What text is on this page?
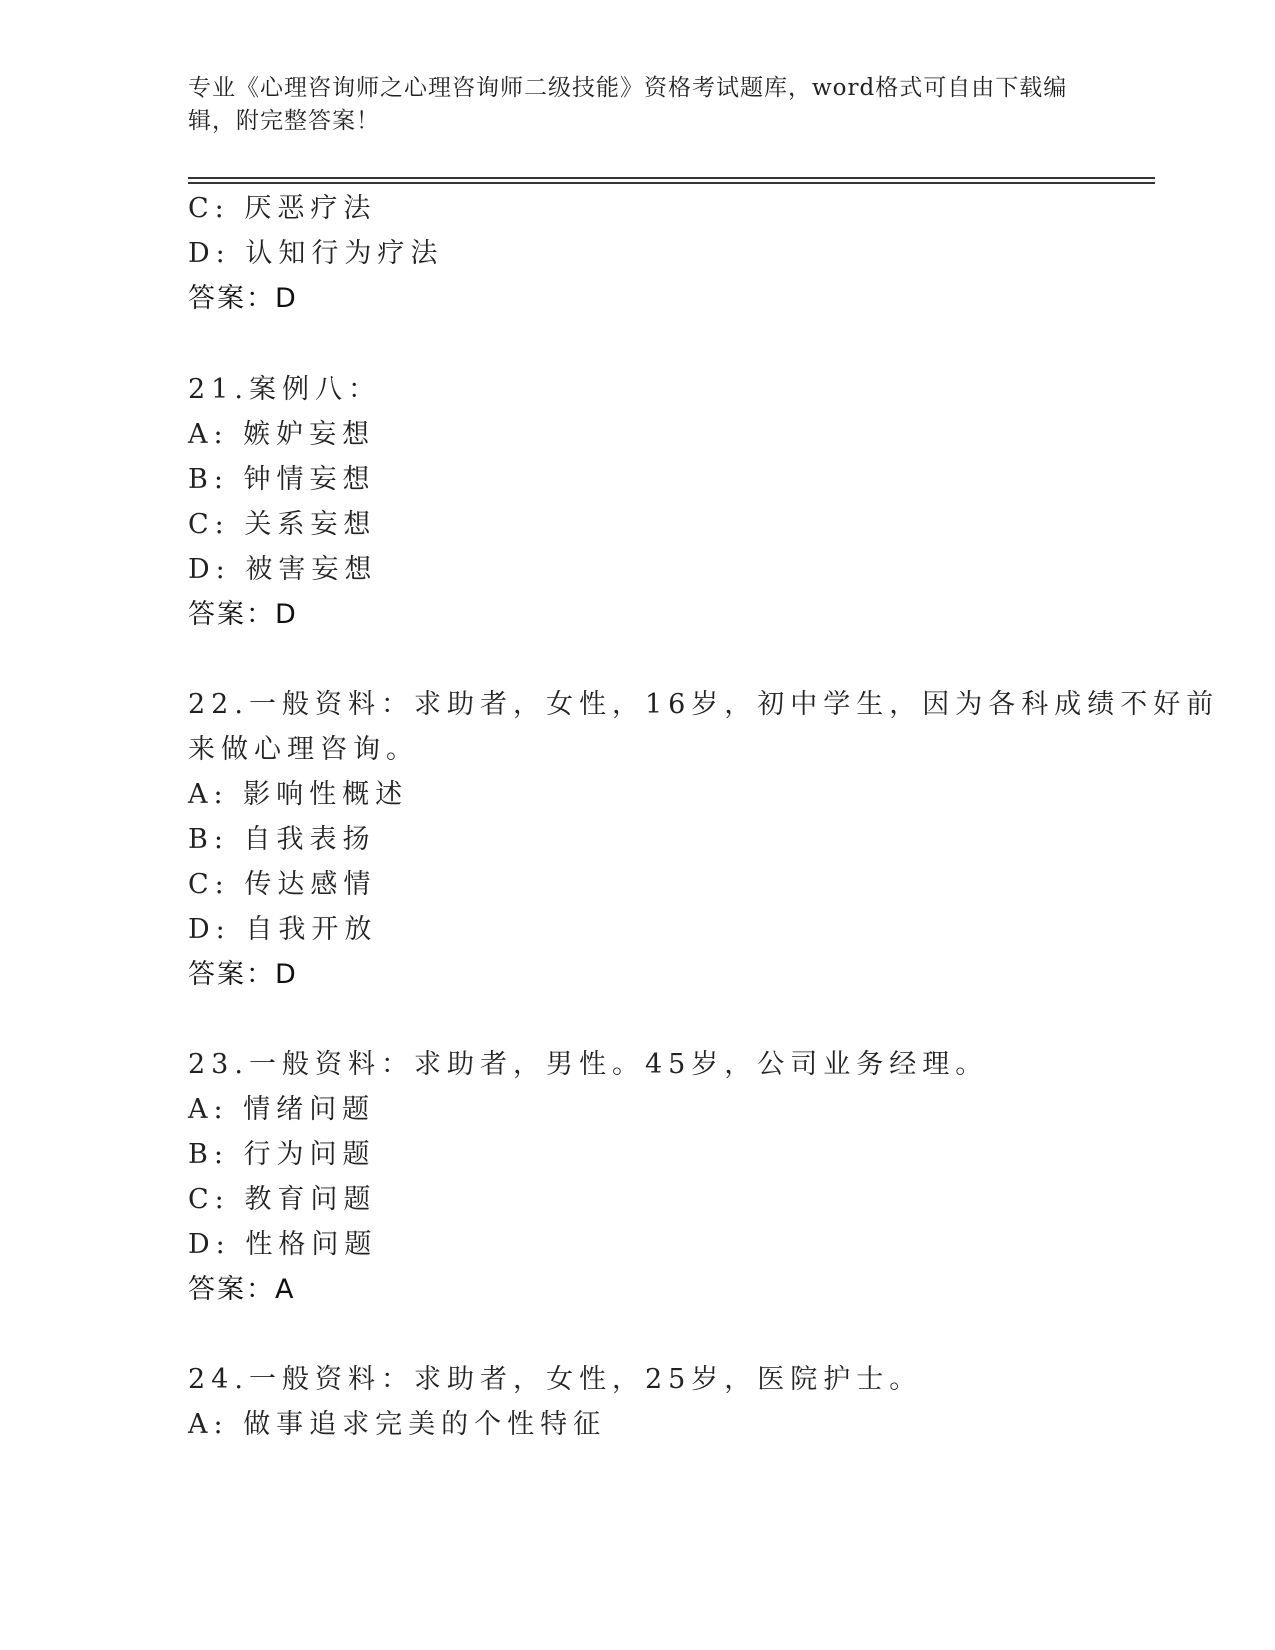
专业《心理咨询师之心理咨询师二级技能》资格考试题库，word格式可自由下载编辑，附完整答案！
C: 厌恶疗法
D: 认知行为疗法
答案：D
21.案例八：
A: 嫉妒妄想
B: 钟情妄想
C: 关系妄想
D: 被害妄想
答案：D
22.一般资料：求助者，女性，16岁，初中学生，因为各科成绩不好前
来做心理咨询。
A: 影响性概述
B: 自我表扬
C: 传达感情
D: 自我开放
答案：D
23.一般资料：求助者，男性。45岁，公司业务经理。
A: 情绪问题
B: 行为问题
C: 教育问题
D: 性格问题
答案：A
24.一般资料：求助者，女性，25岁，医院护士。
A: 做事追求完美的个性特征
